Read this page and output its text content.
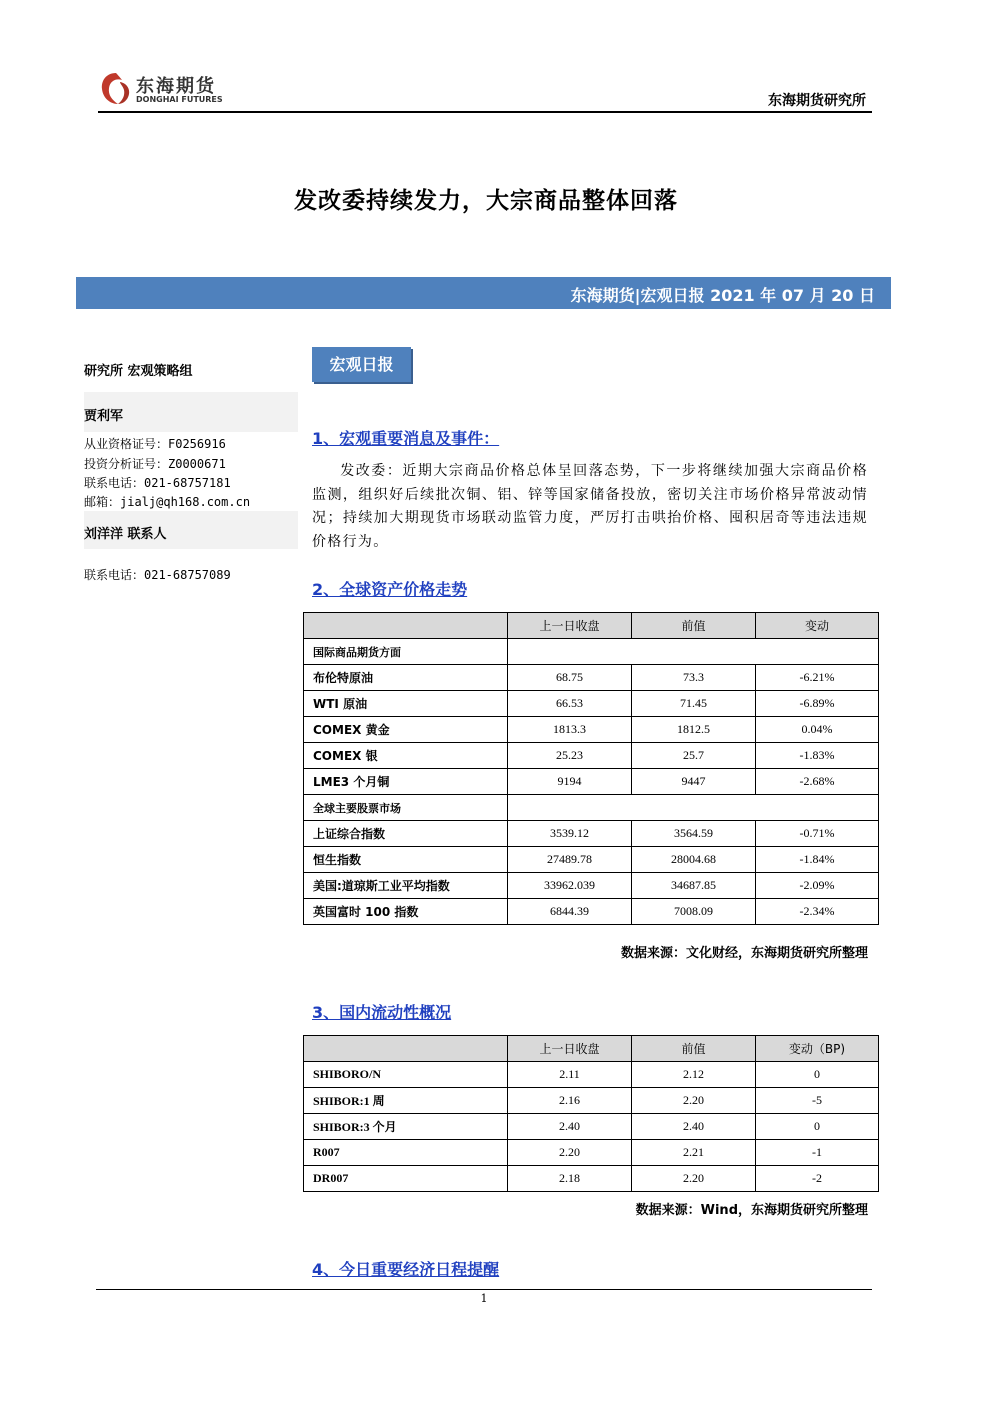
东海期货
DONGHAI FUTURES	东海期货研究所
发改委持续发力，大宗商品整体回落
东海期货|宏观日报 2021 年 07 月 20 日
研究所 宏观策略组
贾利军
从业资格证号：F0256916
投资分析证号：Z0000671
联系电话：021-68757181
邮箱：jialj@qh168.com.cn
刘洋洋 联系人
联系电话：021-68757089
宏观日报
1、宏观重要消息及事件：
发改委：近期大宗商品价格总体呈回落态势，下一步将继续加强大宗商品价格监测，组织好后续批次铜、铝、锌等国家储备投放，密切关注市场价格异常波动情况；持续加大期现货市场联动监管力度，严厉打击哄抬价格、囤积居奇等违法违规价格行为。
2、全球资产价格走势
	上一日收盘	前值	变动
国际商品期货方面			
布伦特原油	68.75	73.3	-6.21%
WTI 原油	66.53	71.45	-6.89%
COMEX 黄金	1813.3	1812.5	0.04%
COMEX 银	25.23	25.7	-1.83%
LME3 个月铜	9194	9447	-2.68%
全球主要股票市场			
上证综合指数	3539.12	3564.59	-0.71%
恒生指数	27489.78	28004.68	-1.84%
美国:道琼斯工业平均指数	33962.039	34687.85	-2.09%
英国富时 100 指数	6844.39	7008.09	-2.34%
数据来源：文化财经，东海期货研究所整理
3、国内流动性概况
	上一日收盘	前值	变动（BP)
SHIBORO/N	2.11	2.12	0
SHIBOR:1 周	2.16	2.20	-5
SHIBOR:3 个月	2.40	2.40	0
R007	2.20	2.21	-1
DR007	2.18	2.20	-2
数据来源：Wind，东海期货研究所整理
4、今日重要经济日程提醒
1
